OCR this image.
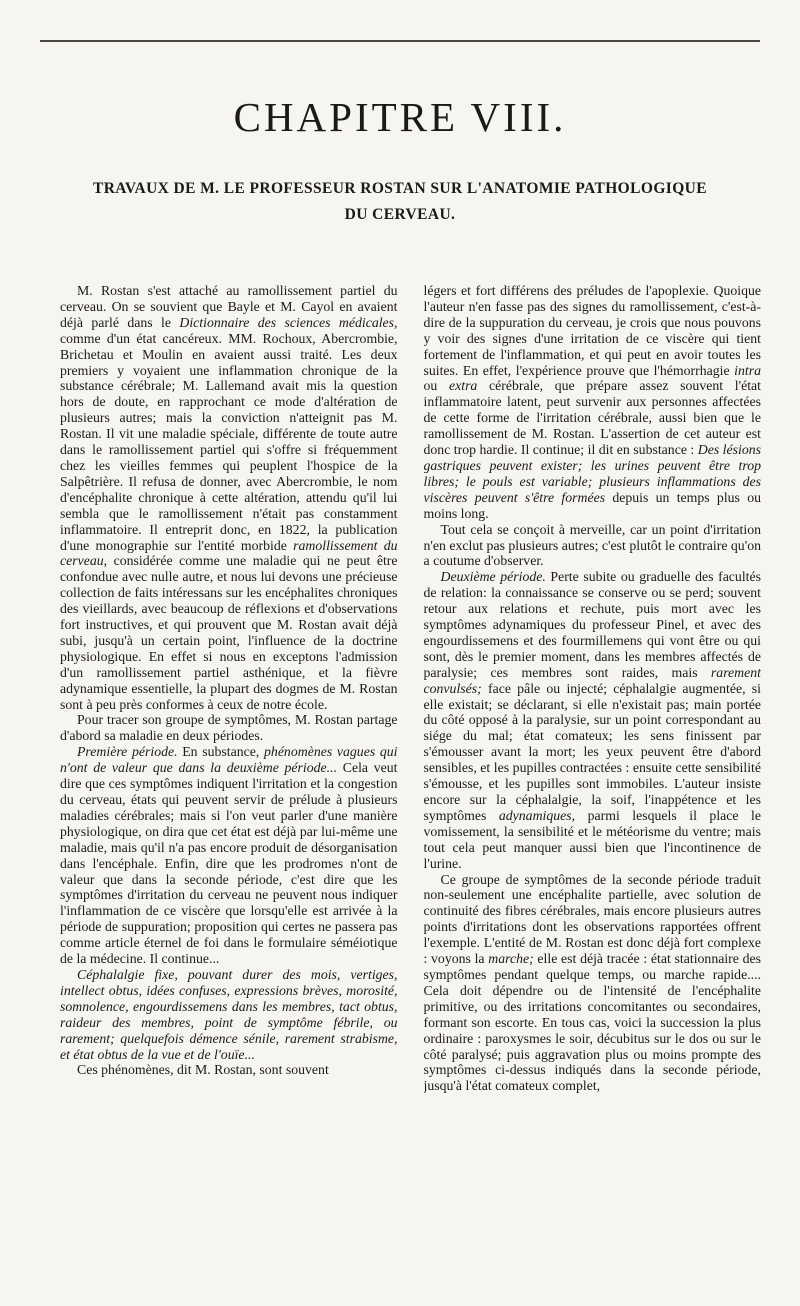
CHAPITRE VIII.
TRAVAUX DE M. LE PROFESSEUR ROSTAN SUR L'ANATOMIE PATHOLOGIQUE
DU CERVEAU.

M. Rostan s'est attaché au ramollissement partiel du cerveau. On se souvient que Bayle et M. Cayol en avaient déjà parlé dans le Dictionnaire des sciences médicales, comme d'un état cancéreux. MM. Rochoux, Abercrombie, Brichetau et Moulin en avaient aussi traité. Les deux premiers y voyaient une inflammation chronique de la substance cérébrale; M. Lallemand avait mis la question hors de doute, en rapprochant ce mode d'altération de plusieurs autres; mais la conviction n'atteignit pas M. Rostan. Il vit une maladie spéciale, différente de toute autre dans le ramollissement partiel qui s'offre si fréquemment chez les vieilles femmes qui peuplent l'hospice de la Salpêtrière. Il refusa de donner, avec Abercrombie, le nom d'encéphalite chronique à cette altération, attendu qu'il lui sembla que le ramollissement n'était pas constamment inflammatoire. Il entreprit donc, en 1822, la publication d'une monographie sur l'entité morbide ramollissement du cerveau, considérée comme une maladie qui ne peut être confondue avec nulle autre, et nous lui devons une précieuse collection de faits intéressans sur les encéphalites chroniques des vieillards, avec beaucoup de réflexions et d'observations fort instructives, et qui prouvent que M. Rostan avait déjà subi, jusqu'à un certain point, l'influence de la doctrine physiologique. En effet si nous en exceptons l'admission d'un ramollissement partiel asthénique, et la fièvre adynamique essentielle, la plupart des dogmes de M. Rostan sont à peu près conformes à ceux de notre école.

Pour tracer son groupe de symptômes, M. Rostan partage d'abord sa maladie en deux périodes.

Première période. En substance, phénomènes vagues qui n'ont de valeur que dans la deuxième période... Cela veut dire que ces symptômes indiquent l'irritation et la congestion du cerveau, états qui peuvent servir de prélude à plusieurs maladies cérébrales; mais si l'on veut parler d'une manière physiologique, on dira que cet état est déjà par lui-même une maladie, mais qu'il n'a pas encore produit de désorganisation dans l'encéphale. Enfin, dire que les prodromes n'ont de valeur que dans la seconde période, c'est dire que les symptômes d'irritation du cerveau ne peuvent nous indiquer l'inflammation de ce viscère que lorsqu'elle est arrivée à la période de suppuration; proposition qui certes ne passera pas comme article éternel de foi dans le formulaire séméiotique de la médecine. Il continue...

Céphalalgie fixe, pouvant durer des mois, vertiges, intellect obtus, idées confuses, expressions brèves, morosité, somnolence, engourdissemens dans les membres, tact obtus, raideur des membres, point de symptôme fébrile, ou rarement; quelquefois démence sénile, rarement strabisme, et état obtus de la vue et de l'ouïe...

Ces phénomènes, dit M. Rostan, sont souvent

légers et fort différens des préludes de l'apoplexie. Quoique l'auteur n'en fasse pas des signes du ramollissement, c'est-à-dire de la suppuration du cerveau, je crois que nous pouvons y voir des signes d'une irritation de ce viscère qui tient fortement de l'inflammation, et qui peut en avoir toutes les suites. En effet, l'expérience prouve que l'hémorrhagie intra ou extra cérébrale, que prépare assez souvent l'état inflammatoire latent, peut survenir aux personnes affectées de cette forme de l'irritation cérébrale, aussi bien que le ramollissement de M. Rostan. L'assertion de cet auteur est donc trop hardie. Il continue; il dit en substance : Des lésions gastriques peuvent exister; les urines peuvent être trop libres; le pouls est variable; plusieurs inflammations des viscères peuvent s'être formées depuis un temps plus ou moins long.

Tout cela se conçoit à merveille, car un point d'irritation n'en exclut pas plusieurs autres; c'est plutôt le contraire qu'on a coutume d'observer.

Deuxième période. Perte subite ou graduelle des facultés de relation: la connaissance se conserve ou se perd; souvent retour aux relations et rechute, puis mort avec les symptômes adynamiques du professeur Pinel, et avec des engourdissemens et des fourmillemens qui vont être ou qui sont, dès le premier moment, dans les membres affectés de paralysie; ces membres sont raides, mais rarement convulsés; face pâle ou injecté; céphalalgie augmentée, si elle existait; se déclarant, si elle n'existait pas; main portée du côté opposé à la paralysie, sur un point correspondant au siége du mal; état comateux; les sens finissent par s'émousser avant la mort; les yeux peuvent être d'abord sensibles, et les pupilles contractées : ensuite cette sensibilité s'émousse, et les pupilles sont immobiles. L'auteur insiste encore sur la céphalalgie, la soif, l'inappétence et les symptômes adynamiques, parmi lesquels il place le vomissement, la sensibilité et le météorisme du ventre; mais tout cela peut manquer aussi bien que l'incontinence de l'urine.

Ce groupe de symptômes de la seconde période traduit non-seulement une encéphalite partielle, avec solution de continuité des fibres cérébrales, mais encore plusieurs autres points d'irritations dont les observations rapportées offrent l'exemple. L'entité de M. Rostan est donc déjà fort complexe : voyons la marche; elle est déjà tracée : état stationnaire des symptômes pendant quelque temps, ou marche rapide.... Cela doit dépendre ou de l'intensité de l'encéphalite primitive, ou des irritations concomitantes ou secondaires, formant son escorte. En tous cas, voici la succession la plus ordinaire : paroxysmes le soir, décubitus sur le dos ou sur le côté paralysé; puis aggravation plus ou moins prompte des symptômes ci-dessus indiqués dans la seconde période, jusqu'à l'état comateux complet,
